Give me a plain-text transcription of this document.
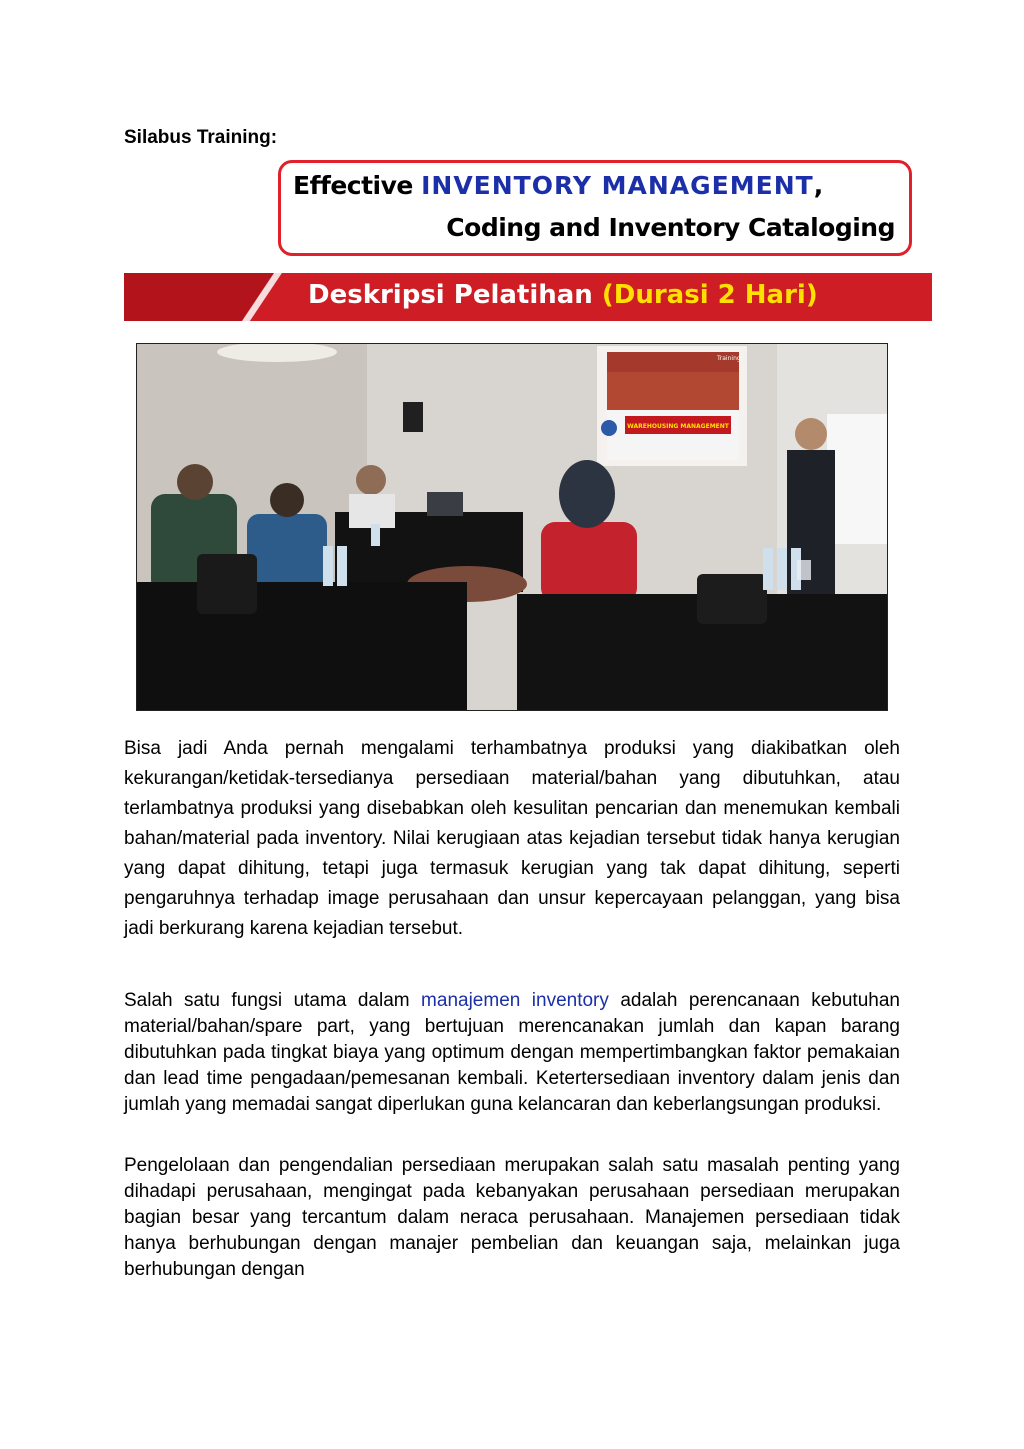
Silabus Training:
Effective INVENTORY MANAGEMENT,
Coding and Inventory Cataloging
Deskripsi Pelatihan (Durasi 2 Hari)
WAREHOUSING MANAGEMENT
Training

Bisa jadi Anda pernah mengalami terhambatnya produksi yang diakibatkan oleh kekurangan/ketidak-tersedianya persediaan material/bahan yang dibutuhkan, atau terlambatnya produksi yang disebabkan oleh kesulitan pencarian dan menemukan kembali bahan/material pada inventory. Nilai kerugiaan atas kejadian tersebut tidak hanya kerugian yang dapat dihitung, tetapi juga termasuk kerugian yang tak dapat dihitung, seperti pengaruhnya terhadap image perusahaan dan unsur kepercayaan pelanggan, yang bisa jadi berkurang karena kejadian tersebut.

Salah satu fungsi utama dalam manajemen inventory adalah perencanaan kebutuhan material/bahan/spare part, yang bertujuan merencanakan jumlah dan kapan barang dibutuhkan pada tingkat biaya yang optimum dengan mempertimbangkan faktor pemakaian dan lead time pengadaan/pemesanan kembali. Ketertersediaan inventory dalam jenis dan jumlah yang memadai sangat diperlukan guna kelancaran dan keberlangsungan produksi.

Pengelolaan dan pengendalian persediaan merupakan salah satu masalah penting yang dihadapi perusahaan, mengingat pada kebanyakan perusahaan persediaan merupakan bagian besar yang tercantum dalam neraca perusahaan. Manajemen persediaan tidak hanya berhubungan dengan manajer pembelian dan keuangan saja, melainkan juga berhubungan dengan
